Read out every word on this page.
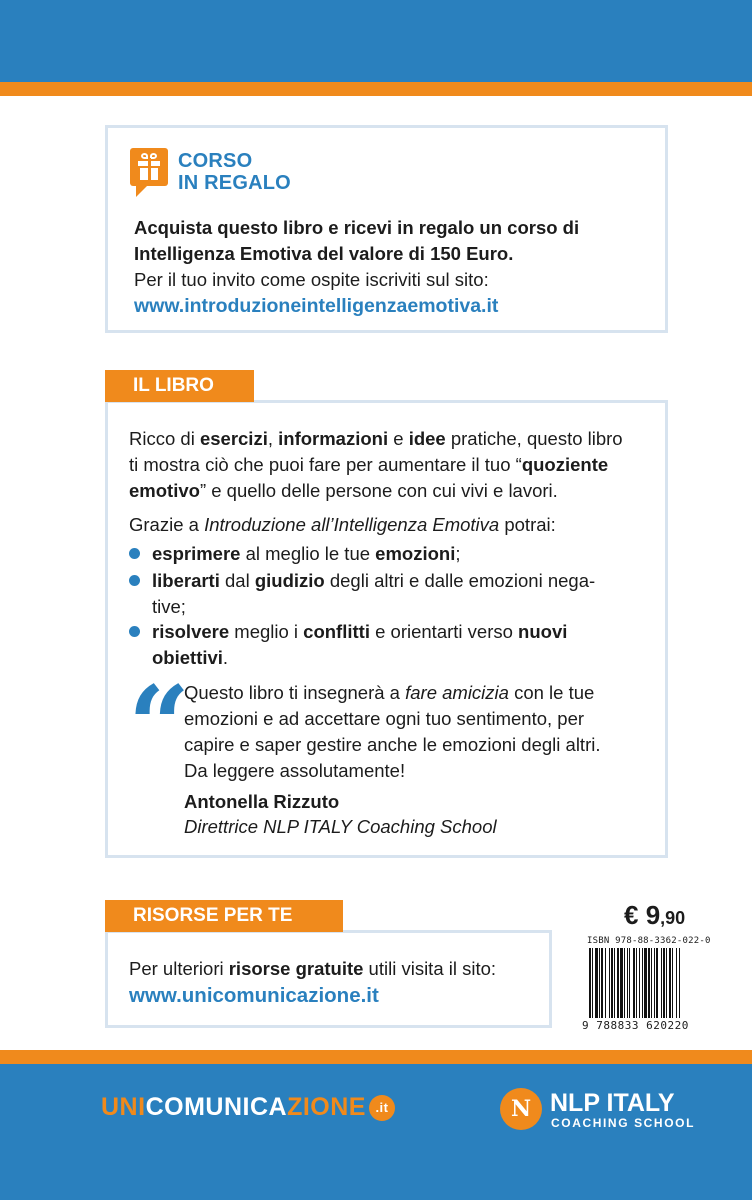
CORSO
IN REGALO
Acquista questo libro e ricevi in regalo un corso di
Intelligenza Emotiva del valore di 150 Euro.
Per il tuo invito come ospite iscriviti sul sito:
www.introduzioneintelligenzaemotiva.it
IL LIBRO
Ricco di esercizi, informazioni e idee pratiche, questo libro
ti mostra ciò che puoi fare per aumentare il tuo “quoziente
emotivo” e quello delle persone con cui vivi e lavori.
Grazie a Introduzione all’Intelligenza Emotiva potrai:
esprimere al meglio le tue emozioni;
liberarti dal giudizio degli altri e dalle emozioni nega-
tive;
risolvere meglio i conflitti e orientarti verso nuovi
obiettivi.
“
Questo libro ti insegnerà a fare amicizia con le tue
emozioni e ad accettare ogni tuo sentimento, per
capire e saper gestire anche le emozioni degli altri.
Da leggere assolutamente!
Antonella Rizzuto
Direttrice NLP ITALY Coaching School
RISORSE PER TE
Per ulteriori risorse gratuite utili visita il sito:
www.unicomunicazione.it
€ 9,90
ISBN 978-88-3362-022-0
9 788833 620220
UNICOMUNICAZIONE .it	N NLP ITALY
COACHING SCHOOL
